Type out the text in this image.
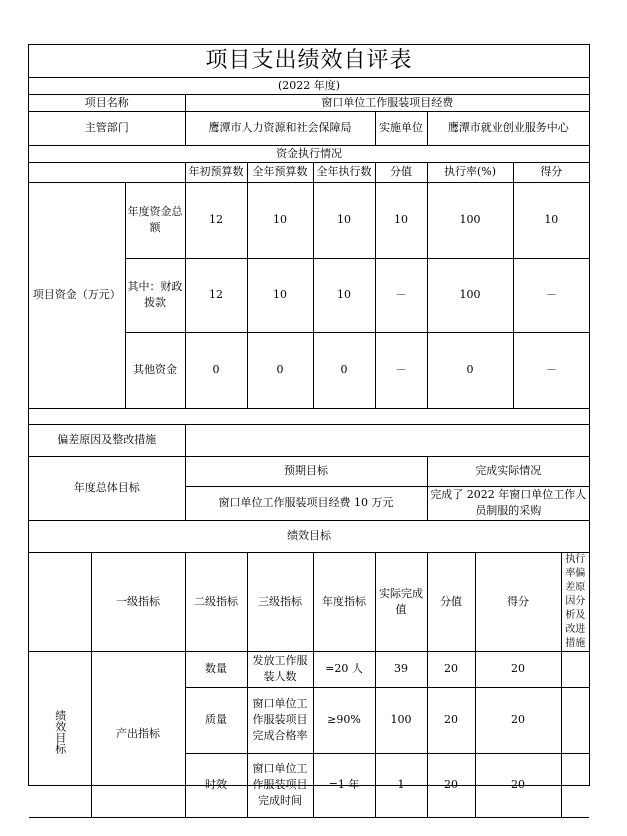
项目支出绩效自评表										
(2022 年度)										
项目名称			窗口单位工作服装项目经费							
主管部门			鹰潭市人力资源和社会保障局			实施单位	鹰潭市就业创业服务中心			
资金执行情况										
			年初预算数	全年预算数	全年执行数	分值	执行率(%)		得分	
项目资金（万元）		年度资金总额	12	10	10	10	100		10	
		其中：财政拨款	12	10	10	－	100		－	
		其他资金	0	0	0	－	0		－	

偏差原因及整改措施										
年度总体目标			预期目标				完成实际情况			
			窗口单位工作服装项目经费 10 万元				完成了 2022 年窗口单位工作人员制服的采购			
绩效目标										
	一级指标		二级指标	三级指标	年度指标	实际完成值	分值	得分		执行率偏差原因分析及改进措施
绩效目标	产出指标		数量	发放工作服装人数	=20 人	39	20	20		
			质量	窗口单位工作服装项目完成合格率	≥90%	100	20	20		
			时效	窗口单位工作服装项目完成时间	=1 年	1	20	20		
